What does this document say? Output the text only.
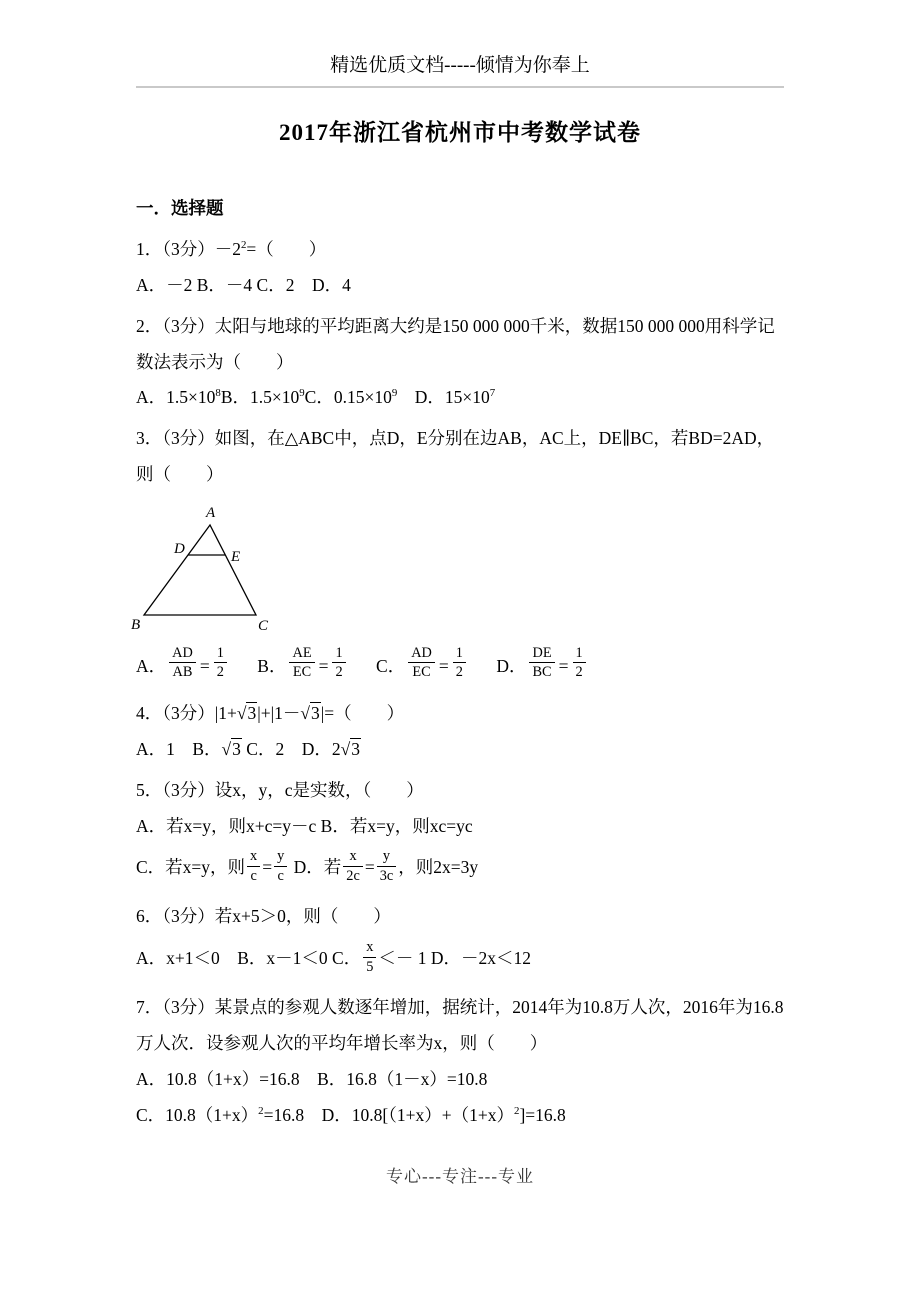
精选优质文档-----倾情为你奉上
2017年浙江省杭州市中考数学试卷
一．选择题

1．（3分）$-2^2=$（　　）

A．－2 B．－4 C．2　D．4

2．（3分）太阳与地球的平均距离大约是150 000 000千米，数据150 000 000用科学记数法表示为（　　）

A．$1.5\times 10^8B$．$1.5\times 10^9C$．$0.15\times 10^9$　D．$15\times 10^7$

3．（3分）如图，在△ABC中，点D，E分别在边AB，AC上，DE∥BC，若BD=2AD，则（　　）

A
D	E
B	C

A． $\frac{AD}{AB} = \frac{1}{2}$
B． $\frac{AE}{EC} = \frac{1}{2}$
C． $\frac{AD}{EC} = \frac{1}{2}$
D． $\frac{DE}{BC} = \frac{1}{2}$

4．（3分）|1+√3|+|1－√3|=（　　）

A．1　B．√3 C．2　D．2√3

5．（3分）设x，y，c是实数，（　　）

A．若x=y，则x+c=y－c B．若x=y，则xc=yc

C．若x=y，则 $\frac{x}{c} = \frac{y}{c}$ D．若 $\frac{x}{2c} = \frac{y}{3c}$ ，则2x=3y

6．（3分）若x+5＞0，则（　　）

A．x+1＜0　B．x－1＜0 C． $\frac{x}{5} <- 1$ D．－2x＜12

7．（3分）某景点的参观人数逐年增加，据统计，2014年为10.8万人次，2016年为16.8万人次．设参观人次的平均年增长率为x，则（　　）

A．10.8（1+x）=16.8　B．16.8（1－x）=10.8

C．$10.8(1+x)^2=16.8$　D．$10.8[(1+x)+(1+x)^2]=16.8$

专心---专注---专业
